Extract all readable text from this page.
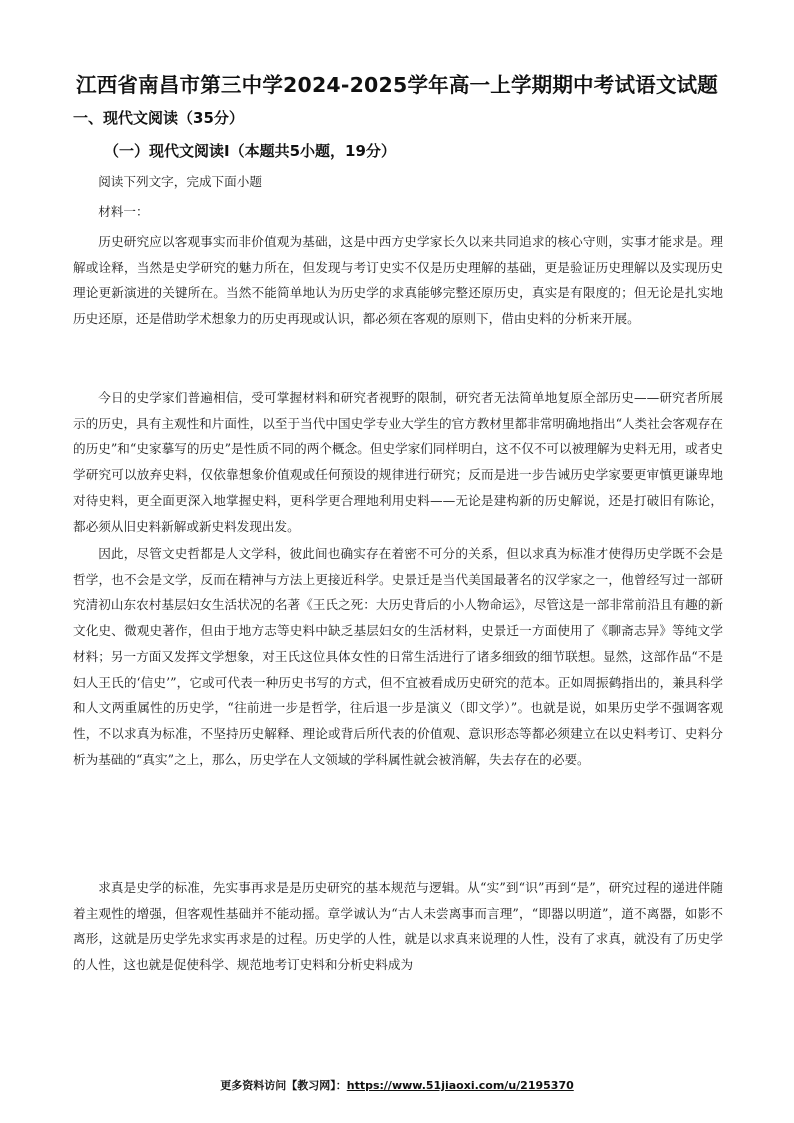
江西省南昌市第三中学2024-2025学年高一上学期期中考试语文试题
一、现代文阅读（35分）
（一）现代文阅读Ⅰ（本题共5小题，19分）
阅读下列文字，完成下面小题
材料一：
历史研究应以客观事实而非价值观为基础，这是中西方史学家长久以来共同追求的核心守则，实事才能求是。理解或诠释，当然是史学研究的魅力所在，但发现与考订史实不仅是历史理解的基础，更是验证历史理解以及实现历史理论更新演进的关键所在。当然不能简单地认为历史学的求真能够完整还原历史，真实是有限度的；但无论是扎实地历史还原，还是借助学术想象力的历史再现或认识，都必须在客观的原则下，借由史料的分析来开展。
今日的史学家们普遍相信，受可掌握材料和研究者视野的限制，研究者无法简单地复原全部历史——研究者所展示的历史，具有主观性和片面性，以至于当代中国史学专业大学生的官方教材里都非常明确地指出“人类社会客观存在的历史”和“史家摹写的历史”是性质不同的两个概念。但史学家们同样明白，这不仅不可以被理解为史料无用，或者史学研究可以放弃史料，仅依靠想象价值观或任何预设的规律进行研究；反而是进一步告诫历史学家要更审慎更谦卑地对待史料，更全面更深入地掌握史料，更科学更合理地利用史料——无论是建构新的历史解说，还是打破旧有陈论，都必须从旧史料新解或新史料发现出发。
因此，尽管文史哲都是人文学科，彼此间也确实存在着密不可分的关系，但以求真为标准才使得历史学既不会是哲学，也不会是文学，反而在精神与方法上更接近科学。史景迁是当代美国最著名的汉学家之一，他曾经写过一部研究清初山东农村基层妇女生活状况的名著《王氏之死：大历史背后的小人物命运》，尽管这是一部非常前沿且有趣的新文化史、微观史著作，但由于地方志等史料中缺乏基层妇女的生活材料，史景迁一方面使用了《聊斋志异》等纯文学材料；另一方面又发挥文学想象，对王氏这位具体女性的日常生活进行了诸多细致的细节联想。显然，这部作品“不是妇人王氏的‘信史’”，它或可代表一种历史书写的方式，但不宜被看成历史研究的范本。正如周振鹤指出的，兼具科学和人文两重属性的历史学，“往前进一步是哲学，往后退一步是演义（即文学）”。也就是说，如果历史学不强调客观性，不以求真为标准，不坚持历史解释、理论或背后所代表的价值观、意识形态等都必须建立在以史料考订、史料分析为基础的“真实”之上，那么，历史学在人文领域的学科属性就会被消解，失去存在的必要。
求真是史学的标准，先实事再求是是历史研究的基本规范与逻辑。从“实”到“识”再到“是”，研究过程的递进伴随着主观性的增强，但客观性基础并不能动摇。章学诚认为“古人未尝离事而言理”，“即器以明道”，道不离器，如影不离形，这就是历史学先求实再求是的过程。历史学的人性，就是以求真来说理的人性，没有了求真，就没有了历史学的人性，这也就是促使科学、规范地考订史料和分析史料成为
更多资料访问【教习网】：https://www.51jiaoxi.com/u/2195370
